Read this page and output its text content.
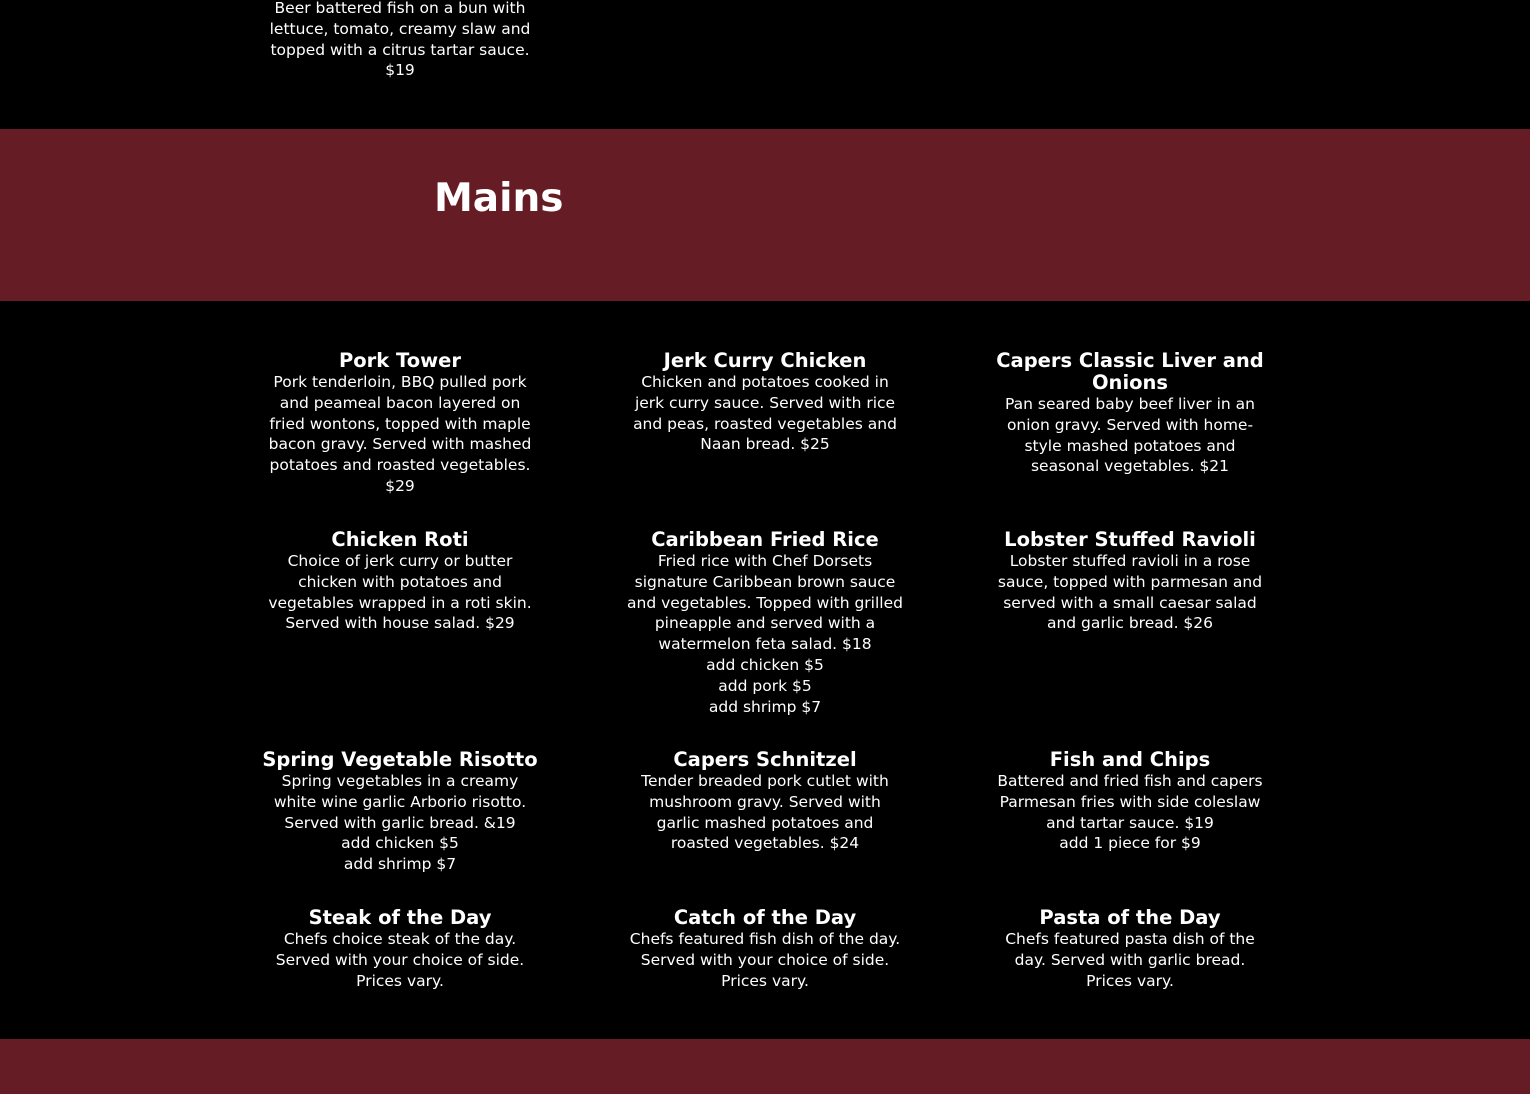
Beer battered fish on a bun with
lettuce, tomato, creamy slaw and
topped with a citrus tartar sauce.
$19
Mains
Pork Tower

Pork tenderloin, BBQ pulled pork and peameal bacon layered on fried wontons, topped with maple bacon gravy. Served with mashed potatoes and roasted vegetables. $29

Jerk Curry Chicken

Chicken and potatoes cooked in jerk curry sauce. Served with rice and peas, roasted vegetables and Naan bread. $25

Capers Classic Liver and Onions

Pan seared baby beef liver in an onion gravy. Served with home-style mashed potatoes and seasonal vegetables. $21

Chicken Roti

Choice of jerk curry or butter chicken with potatoes and vegetables wrapped in a roti skin. Served with house salad. $29

Caribbean Fried Rice

Fried rice with Chef Dorsets signature Caribbean brown sauce and vegetables. Topped with grilled pineapple and served with a watermelon feta salad. $18

add chicken $5
add pork $5
add shrimp $7
Lobster Stuffed Ravioli

Lobster stuffed ravioli in a rose sauce, topped with parmesan and served with a small caesar salad and garlic bread. $26

Spring Vegetable Risotto

Spring vegetables in a creamy white wine garlic Arborio risotto. Served with garlic bread. &19

add chicken $5
add shrimp $7
Capers Schnitzel

Tender breaded pork cutlet with mushroom gravy. Served with garlic mashed potatoes and roasted vegetables. $24

Fish and Chips

Battered and fried fish and capers Parmesan fries with side coleslaw and tartar sauce. $19

add 1 piece for $9
Steak of the Day

Chefs choice steak of the day. Served with your choice of side. Prices vary.

Catch of the Day

Chefs featured fish dish of the day. Served with your choice of side. Prices vary.

Pasta of the Day

Chefs featured pasta dish of the day. Served with garlic bread. Prices vary.
